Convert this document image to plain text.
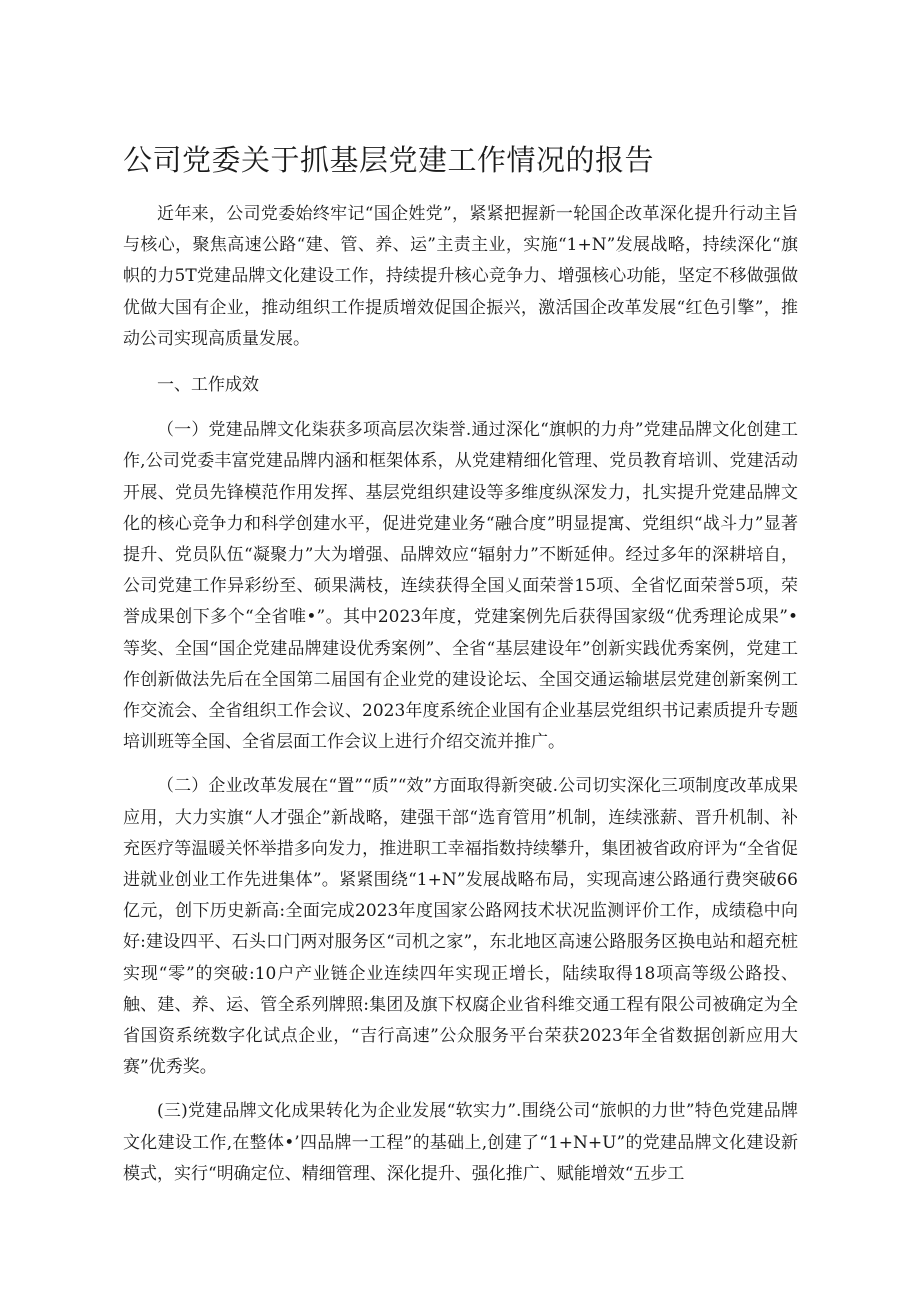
公司党委关于抓基层党建工作情况的报告

近年来，公司党委始终牢记“国企姓党”，紧紧把握新一轮国企改革深化提升行动主旨与核心，聚焦高速公路“建、管、养、运”主责主业，实施“1+N”发展战略，持续深化“旗帜的力5T党建品牌文化建设工作，持续提升核心竞争力、增强核心功能，坚定不移做强做优做大国有企业，推动组织工作提质增效促国企振兴，激活国企改革发展“红色引擎”，推动公司实现高质量发展。

一、工作成效

（一）党建品牌文化柒获多项高层次柒誉.通过深化“旗帜的力舟”党建品牌文化创建工作,公司党委丰富党建品牌内涵和框架体系，从党建精细化管理、党员教育培训、党建活动开展、党员先锋模范作用发挥、基层党组织建设等多维度纵深发力，扎实提升党建品牌文化的核心竞争力和科学创建水平，促进党建业务“融合度”明显提寓、党组织“战斗力”显著提升、党员队伍“凝聚力”大为增强、品牌效应“辐射力”不断延伸。经过多年的深耕培自，公司党建工作异彩纷至、硕果满枝，连续获得全国乂面荣誉15项、全省忆面荣誉5项，荣誉成果创下多个“全省唯•”。其中2023年度，党建案例先后获得国家级“优秀理论成果”•等奖、全国“国企党建品牌建设优秀案例”、全省“基层建设年”创新实践优秀案例，党建工作创新做法先后在全国第二届国有企业党的建设论坛、全国交通运输堪层党建创新案例工作交流会、全省组织工作会议、2023年度系统企业国有企业基层党组织书记素质提升专题培训班等全国、全省层面工作会议上进行介绍交流并推广。

（二）企业改革发展在“置”“质”“效”方面取得新突破.公司切实深化三项制度改革成果应用，大力实旗“人才强企”新战略，建强干部“选育管用”机制，连续涨薪、晋升机制、补充医疗等温暖关怀举措多向发力，推进职工幸福指数持续攀升，集团被省政府评为“全省促进就业创业工作先进集体”。紧紧围绕“1+N”发展战略布局，实现高速公路通行费突破66亿元，创下历史新高:全面完成2023年度国家公路网技术状况监测评价工作，成绩稳中向好:建设四平、石头口门两对服务区“司机之家”，东北地区高速公路服务区换电站和超充桩实现“零”的突破:10户产业链企业连续四年实现正增长，陆续取得18项高等级公路投、触、建、养、运、管全系列牌照:集团及旗下权腐企业省科维交通工程有限公司被确定为全省国资系统数字化试点企业，“吉行高速”公众服务平台荣获2023年全省数据创新应用大赛”优秀奖。

(三)党建品牌文化成果转化为企业发展“软实力”.围绕公司“旅帜的力世”特色党建品牌文化建设工作,在整体•’四品牌一工程”的基础上,创建了“1+N+U”的党建品牌文化建设新模式，实行“明确定位、精细管理、深化提升、强化推广、赋能增效“五步工
